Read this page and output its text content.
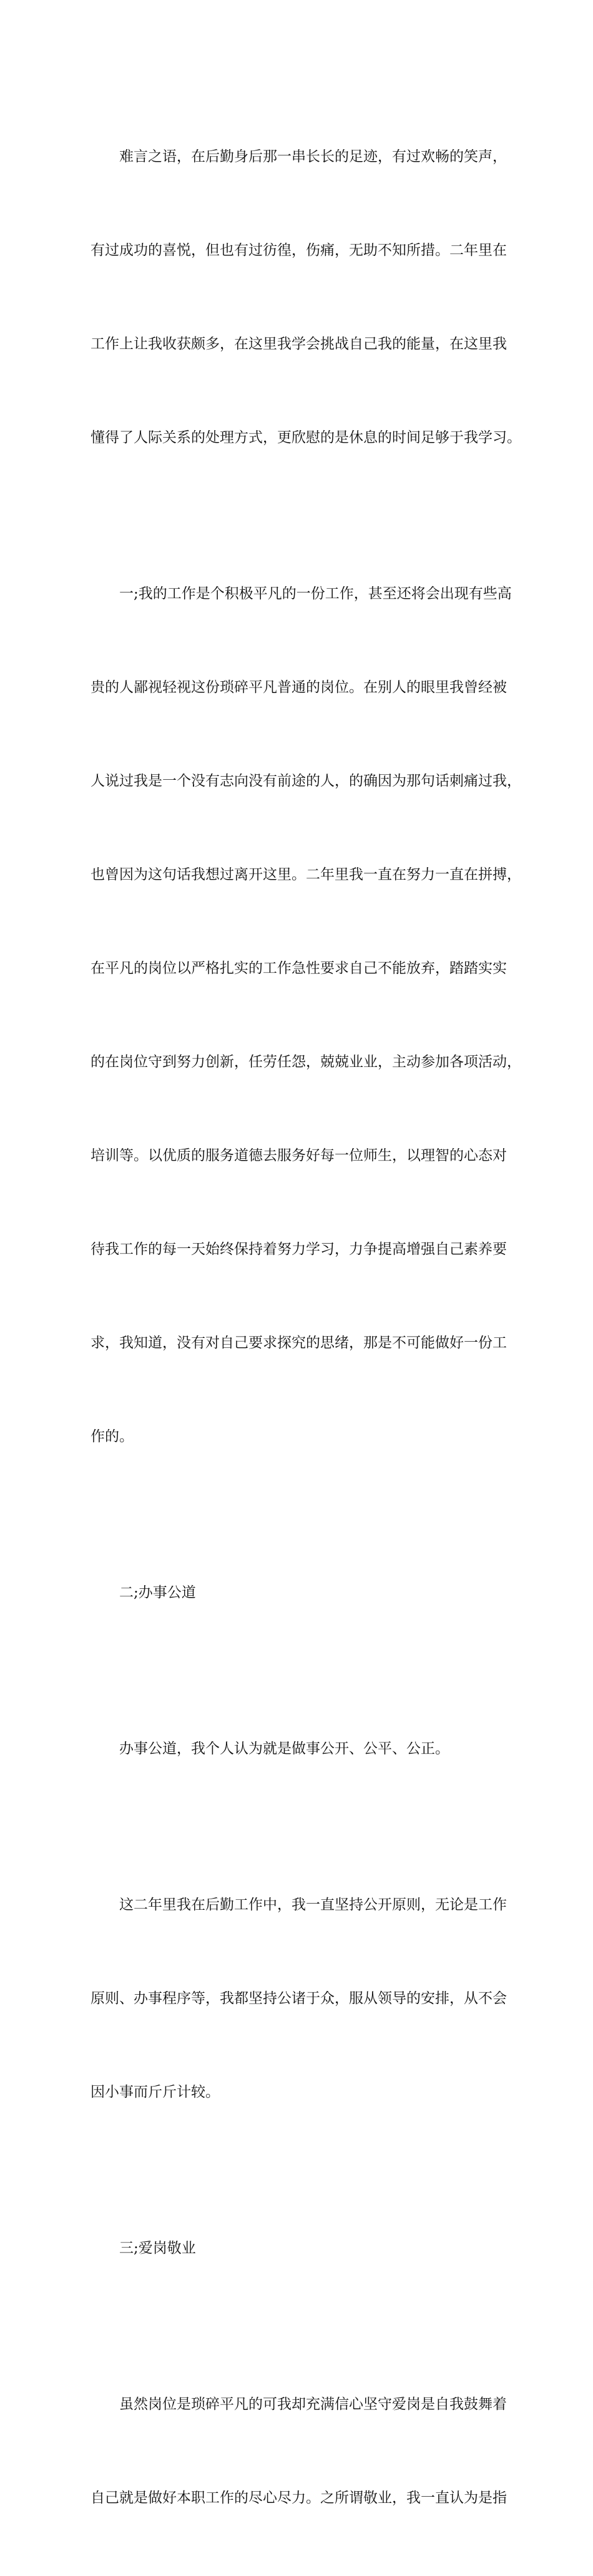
难言之语，在后勤身后那一串长长的足迹，有过欢畅的笑声，

有过成功的喜悦，但也有过彷徨，伤痛，无助不知所措。二年里在

工作上让我收获颇多，在这里我学会挑战自己我的能量，在这里我

懂得了人际关系的处理方式，更欣慰的是休息的时间足够于我学习。

一;我的工作是个积极平凡的一份工作，甚至还将会出现有些高

贵的人鄙视轻视这份琐碎平凡普通的岗位。在别人的眼里我曾经被

人说过我是一个没有志向没有前途的人，的确因为那句话刺痛过我，

也曾因为这句话我想过离开这里。二年里我一直在努力一直在拼搏，

在平凡的岗位以严格扎实的工作急性要求自己不能放弃，踏踏实实

的在岗位守到努力创新，任劳任怨，兢兢业业，主动参加各项活动，

培训等。以优质的服务道德去服务好每一位师生，以理智的心态对

待我工作的每一天始终保持着努力学习，力争提高增强自己素养要

求，我知道，没有对自己要求探究的思绪，那是不可能做好一份工

作的。

二;办事公道

办事公道，我个人认为就是做事公开、公平、公正。

这二年里我在后勤工作中，我一直坚持公开原则，无论是工作

原则、办事程序等，我都坚持公诸于众，服从领导的安排，从不会

因小事而斤斤计较。

三;爱岗敬业

虽然岗位是琐碎平凡的可我却充满信心坚守爱岗是自我鼓舞着

自己就是做好本职工作的尽心尽力。之所谓敬业，我一直认为是指
